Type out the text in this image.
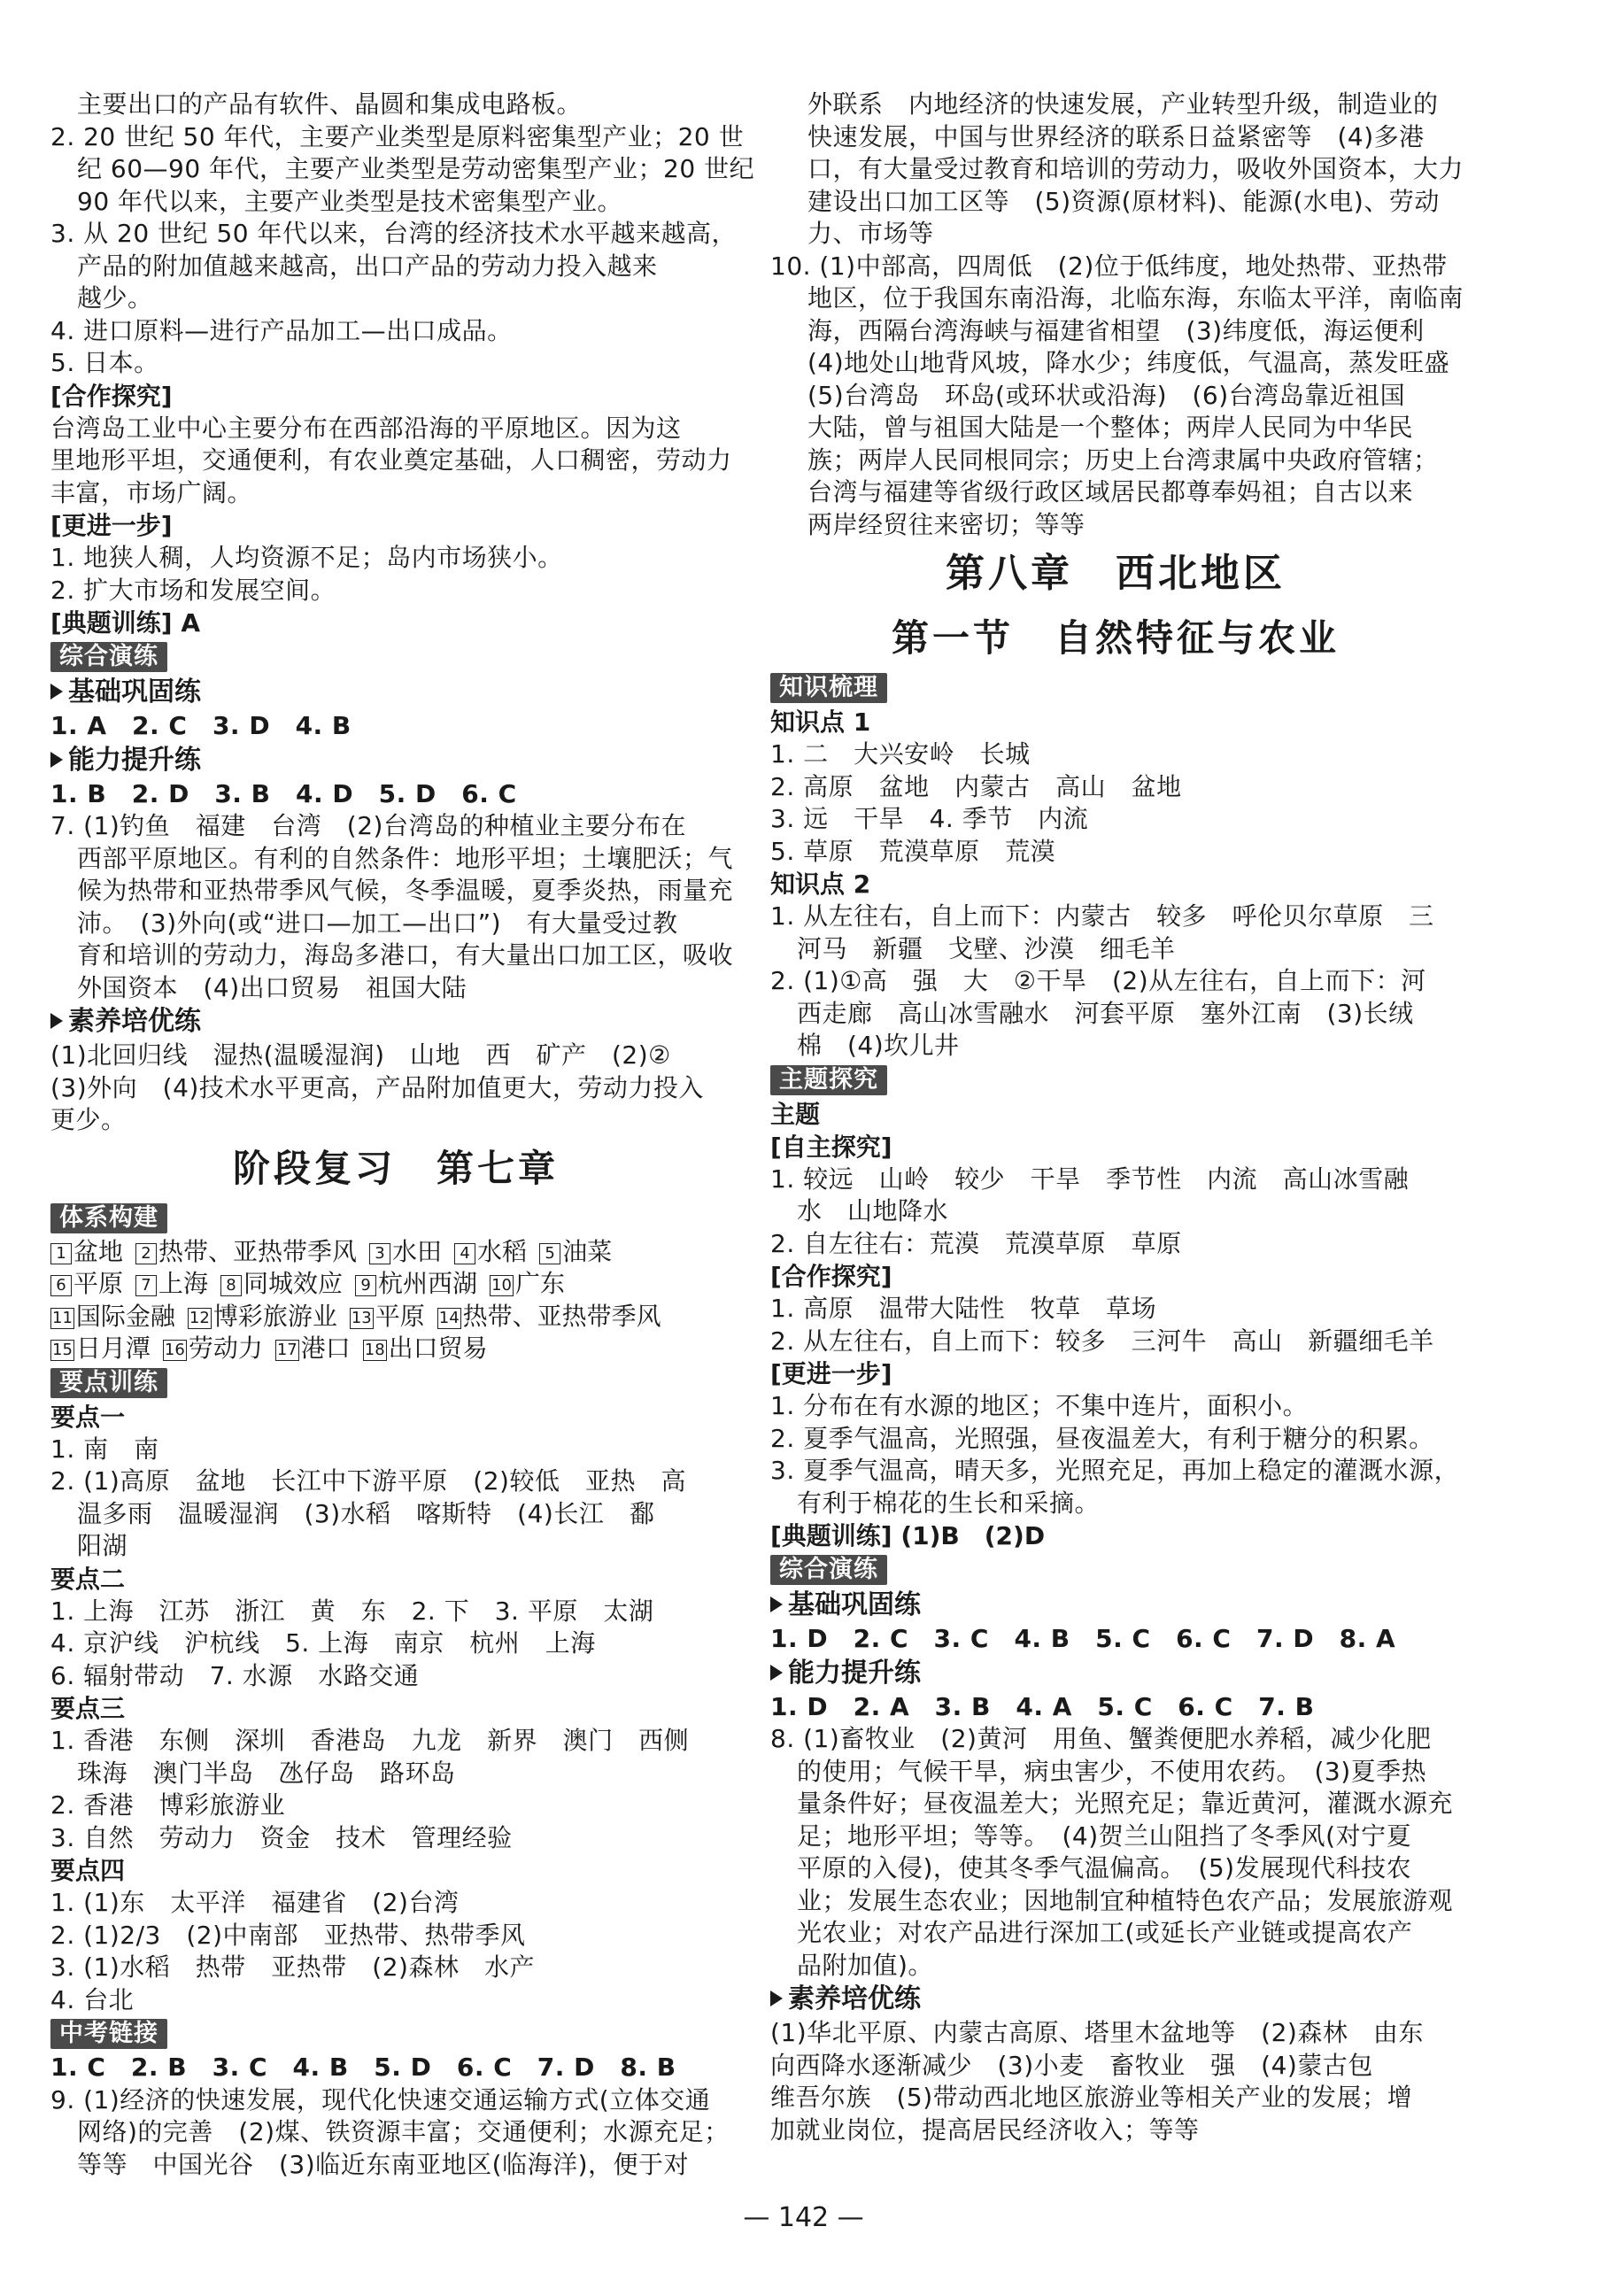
主要出口的产品有软件、晶圆和集成电路板。
2. 20 世纪 50 年代，主要产业类型是原料密集型产业；20 世
纪 60—90 年代，主要产业类型是劳动密集型产业；20 世纪
90 年代以来，主要产业类型是技术密集型产业。
3. 从 20 世纪 50 年代以来，台湾的经济技术水平越来越高，
产品的附加值越来越高，出口产品的劳动力投入越来
越少。
4. 进口原料—进行产品加工—出口成品。
5. 日本。
[合作探究]
台湾岛工业中心主要分布在西部沿海的平原地区。因为这
里地形平坦，交通便利，有农业奠定基础，人口稠密，劳动力
丰富，市场广阔。
[更进一步]
1. 地狭人稠，人均资源不足；岛内市场狭小。
2. 扩大市场和发展空间。
[典题训练] A
综合演练
基础巩固练
1. A　2. C　3. D　4. B
能力提升练
1. B　2. D　3. B　4. D　5. D　6. C
7. (1)钓鱼　福建　台湾　(2)台湾岛的种植业主要分布在
西部平原地区。有利的自然条件：地形平坦；土壤肥沃；气
候为热带和亚热带季风气候，冬季温暖，夏季炎热，雨量充
沛。　(3)外向(或“进口—加工—出口”)　有大量受过教
育和培训的劳动力，海岛多港口，有大量出口加工区，吸收
外国资本　(4)出口贸易　祖国大陆
素养培优练
(1)北回归线　湿热(温暖湿润)　山地　西　矿产　(2)②
(3)外向　(4)技术水平更高，产品附加值更大，劳动力投入
更少。
阶段复习　第七章
体系构建
1 盆地 2 热带、亚热带季风 3 水田 4 水稻 5 油菜
6 平原 7 上海 8 同城效应 9 杭州西湖 10 广东
11 国际金融 12 博彩旅游业 13 平原 14 热带、亚热带季风
15 日月潭 16 劳动力 17 港口 18 出口贸易
要点训练
要点一
1. 南　南
2. (1)高原　盆地　长江中下游平原　(2)较低　亚热　高
温多雨　温暖湿润　(3)水稻　喀斯特　(4)长江　鄱
阳湖
要点二
1. 上海　江苏　浙江　黄　东　2. 下　3. 平原　太湖
4. 京沪线　沪杭线　5. 上海　南京　杭州　上海
6. 辐射带动　7. 水源　水路交通
要点三
1. 香港　东侧　深圳　香港岛　九龙　新界　澳门　西侧
珠海　澳门半岛　氹仔岛　路环岛
2. 香港　博彩旅游业
3. 自然　劳动力　资金　技术　管理经验
要点四
1. (1)东　太平洋　福建省　(2)台湾
2. (1)2/3　(2)中南部　亚热带、热带季风
3. (1)水稻　热带　亚热带　(2)森林　水产
4. 台北
中考链接
1. C　2. B　3. C　4. B　5. D　6. C　7. D　8. B
9. (1)经济的快速发展，现代化快速交通运输方式(立体交通
网络)的完善　(2)煤、铁资源丰富；交通便利；水源充足；
等等　中国光谷　(3)临近东南亚地区(临海洋)，便于对
外联系　内地经济的快速发展，产业转型升级，制造业的
快速发展，中国与世界经济的联系日益紧密等　(4)多港
口，有大量受过教育和培训的劳动力，吸收外国资本，大力
建设出口加工区等　(5)资源(原材料)、能源(水电)、劳动
力、市场等
10. (1)中部高，四周低　(2)位于低纬度，地处热带、亚热带
地区，位于我国东南沿海，北临东海，东临太平洋，南临南
海，西隔台湾海峡与福建省相望　(3)纬度低，海运便利
(4)地处山地背风坡，降水少；纬度低，气温高，蒸发旺盛
(5)台湾岛　环岛(或环状或沿海)　(6)台湾岛靠近祖国
大陆，曾与祖国大陆是一个整体；两岸人民同为中华民
族；两岸人民同根同宗；历史上台湾隶属中央政府管辖；
台湾与福建等省级行政区域居民都尊奉妈祖；自古以来
两岸经贸往来密切；等等
第八章　西北地区
第一节　自然特征与农业
知识梳理
知识点 1
1. 二　大兴安岭　长城
2. 高原　盆地　内蒙古　高山　盆地
3. 远　干旱　4. 季节　内流
5. 草原　荒漠草原　荒漠
知识点 2
1. 从左往右，自上而下：内蒙古　较多　呼伦贝尔草原　三
河马　新疆　戈壁、沙漠　细毛羊
2. (1)①高　强　大　②干旱　(2)从左往右，自上而下：河
西走廊　高山冰雪融水　河套平原　塞外江南　(3)长绒
棉　(4)坎儿井
主题探究
主题
[自主探究]
1. 较远　山岭　较少　干旱　季节性　内流　高山冰雪融
水　山地降水
2. 自左往右：荒漠　荒漠草原　草原
[合作探究]
1. 高原　温带大陆性　牧草　草场
2. 从左往右，自上而下：较多　三河牛　高山　新疆细毛羊
[更进一步]
1. 分布在有水源的地区；不集中连片，面积小。
2. 夏季气温高，光照强，昼夜温差大，有利于糖分的积累。
3. 夏季气温高，晴天多，光照充足，再加上稳定的灌溉水源，
有利于棉花的生长和采摘。
[典题训练] (1)B　(2)D
综合演练
基础巩固练
1. D　2. C　3. C　4. B　5. C　6. C　7. D　8. A
能力提升练
1. D　2. A　3. B　4. A　5. C　6. C　7. B
8. (1)畜牧业　(2)黄河　用鱼、蟹粪便肥水养稻，减少化肥
的使用；气候干旱，病虫害少，不使用农药。　(3)夏季热
量条件好；昼夜温差大；光照充足；靠近黄河，灌溉水源充
足；地形平坦；等等。　(4)贺兰山阻挡了冬季风(对宁夏
平原的入侵)，使其冬季气温偏高。　(5)发展现代科技农
业；发展生态农业；因地制宜种植特色农产品；发展旅游观
光农业；对农产品进行深加工(或延长产业链或提高农产
品附加值)。
素养培优练
(1)华北平原、内蒙古高原、塔里木盆地等　(2)森林　由东
向西降水逐渐减少　(3)小麦　畜牧业　强　(4)蒙古包
维吾尔族　(5)带动西北地区旅游业等相关产业的发展；增
加就业岗位，提高居民经济收入；等等
— 142 —
